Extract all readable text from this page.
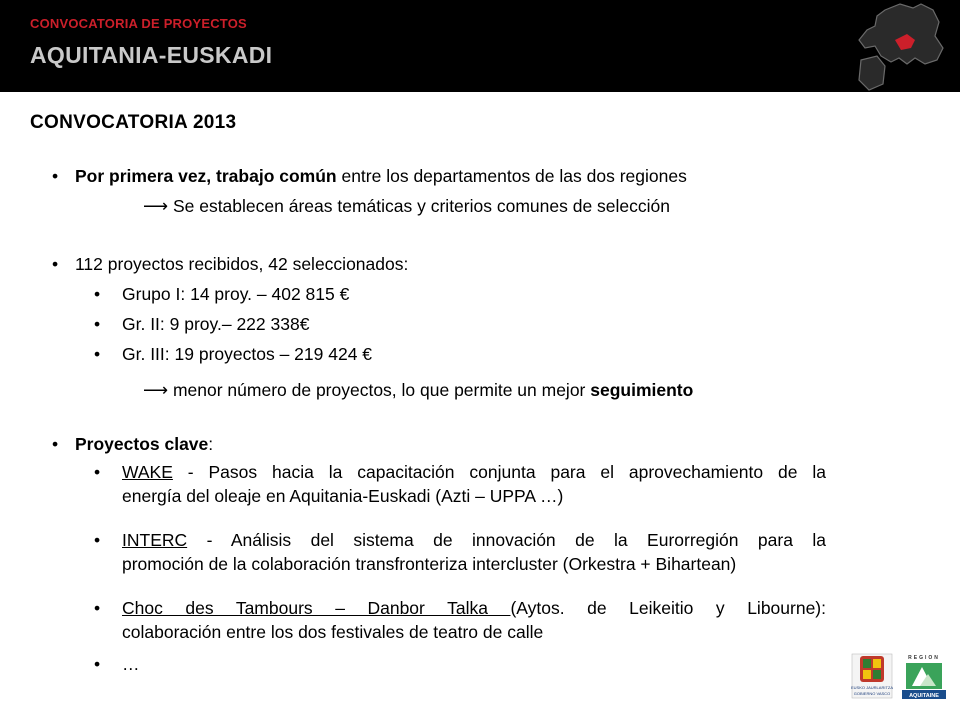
CONVOCATORIA DE PROYECTOS
AQUITANIA-EUSKADI
CONVOCATORIA 2013
• Por primera vez, trabajo común entre los departamentos de las dos regiones
⟶ Se establecen áreas temáticas y criterios comunes de selección
• 112 proyectos recibidos, 42 seleccionados:
• Grupo I: 14 proy. – 402 815 €
• Gr. II: 9 proy.– 222 338€
• Gr. III: 19 proyectos – 219 424 €
⟶ menor número de proyectos, lo que permite un mejor seguimiento
• Proyectos clave:
• WAKE - Pasos hacia la capacitación conjunta para el aprovechamiento de la
energía del oleaje en Aquitania-Euskadi (Azti – UPPA …)
• INTERC - Análisis del sistema de innovación de la Eurorregión para la
promoción de la colaboración transfronteriza intercluster (Orkestra + Bihartean)
• Choc des Tambours – Danbor Talka (Aytos. de Leikeitio y Libourne):
colaboración entre los dos festivales de teatro de calle
• …
EUSKO JAURLARITZA
GOBIERNO VASCO
REGION
AQUITAINE
